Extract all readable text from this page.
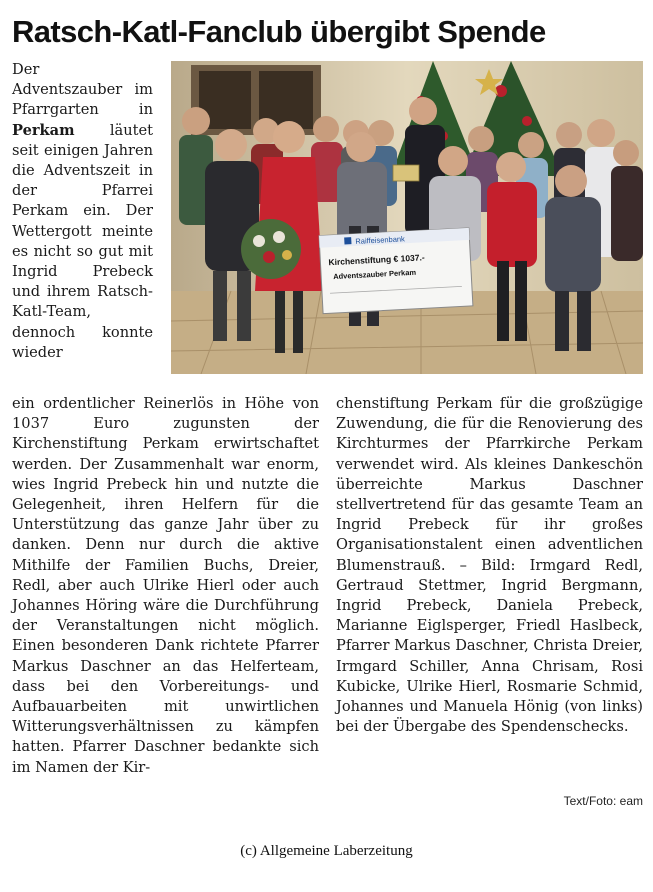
Ratsch-Katl-Fanclub übergibt Spende
Raiffeisenbank
Kirchenstiftung € 1037.-
Adventszauber Perkam
Der Adventszauber im Pfarrgarten in Perkam läutet seit einigen Jahren die Adventszeit in der Pfarrei Perkam ein. Der Wettergott meinte es nicht so gut mit Ingrid Prebeck und ihrem Ratsch-Katl-Team, dennoch konnte wieder
ein ordentlicher Reinerlös in Höhe von 1037 Euro zugunsten der Kirchenstiftung Perkam erwirtschaftet werden. Der Zusammenhalt war enorm, wies Ingrid Prebeck hin und nutzte die Gelegenheit, ihren Helfern für die Unterstützung das ganze Jahr über zu danken. Denn nur durch die aktive Mithilfe der Familien Buchs, Dreier, Redl, aber auch Ulrike Hierl oder auch Johannes Höring wäre die Durchführung der Veranstaltungen nicht möglich. Einen besonderen Dank richtete Pfarrer Markus Daschner an das Helferteam, dass bei den Vorbereitungs- und Aufbauarbeiten mit unwirtlichen Witterungsverhältnissen zu kämpfen hatten. Pfarrer Daschner bedankte sich im Namen der Kir-
chenstiftung Perkam für die großzügige Zuwendung, die für die Renovierung des Kirchturmes der Pfarrkirche Perkam verwendet wird. Als kleines Dankeschön überreichte Markus Daschner stellvertretend für das gesamte Team an Ingrid Prebeck für ihr großes Organisationstalent einen adventlichen Blumenstrauß. – Bild: Irmgard Redl, Gertraud Stettmer, Ingrid Bergmann, Ingrid Prebeck, Daniela Prebeck, Marianne Eiglsperger, Friedl Haslbeck, Pfarrer Markus Daschner, Christa Dreier, Irmgard Schiller, Anna Chrisam, Rosi Kubicke, Ulrike Hierl, Rosmarie Schmid, Johannes und Manuela Hönig (von links) bei der Übergabe des Spendenschecks.
Text/Foto: eam
(c) Allgemeine Laberzeitung
